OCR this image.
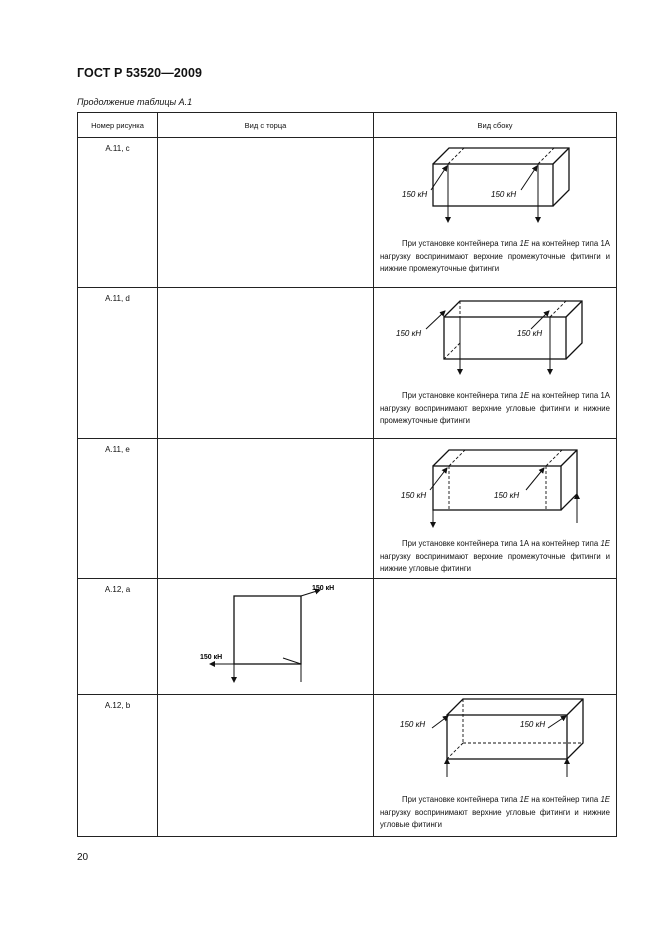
ГОСТ Р 53520—2009
Продолжение таблицы А.1
Номер рисунка	Вид с торца	Вид сбоку
А.11, с		150 кН 150 кН
При установке контейнера типа 1Е на контейнер типа 1А нагрузку воспринимают верхние промежуточные фитинги и нижние промежуточные фитинги

А.11, d		150 кН 150 кН
При установке контейнера типа 1Е на контейнер типа 1А нагрузку воспринимают верхние угловые фитинги и нижние промежуточные фитинги

А.11, е		150 кН 150 кН
При установке контейнера типа 1А на контейнер типа 1Е нагрузку воспринимают верхние промежуточные фитинги и нижние угловые фитинги

А.12, а	150 кН
150 кН	

А.12, b		150 кН 150 кН
При установке контейнера типа 1Е на контейнер типа 1Е нагрузку воспринимают верхние угловые фитинги и нижние угловые фитинги
20
